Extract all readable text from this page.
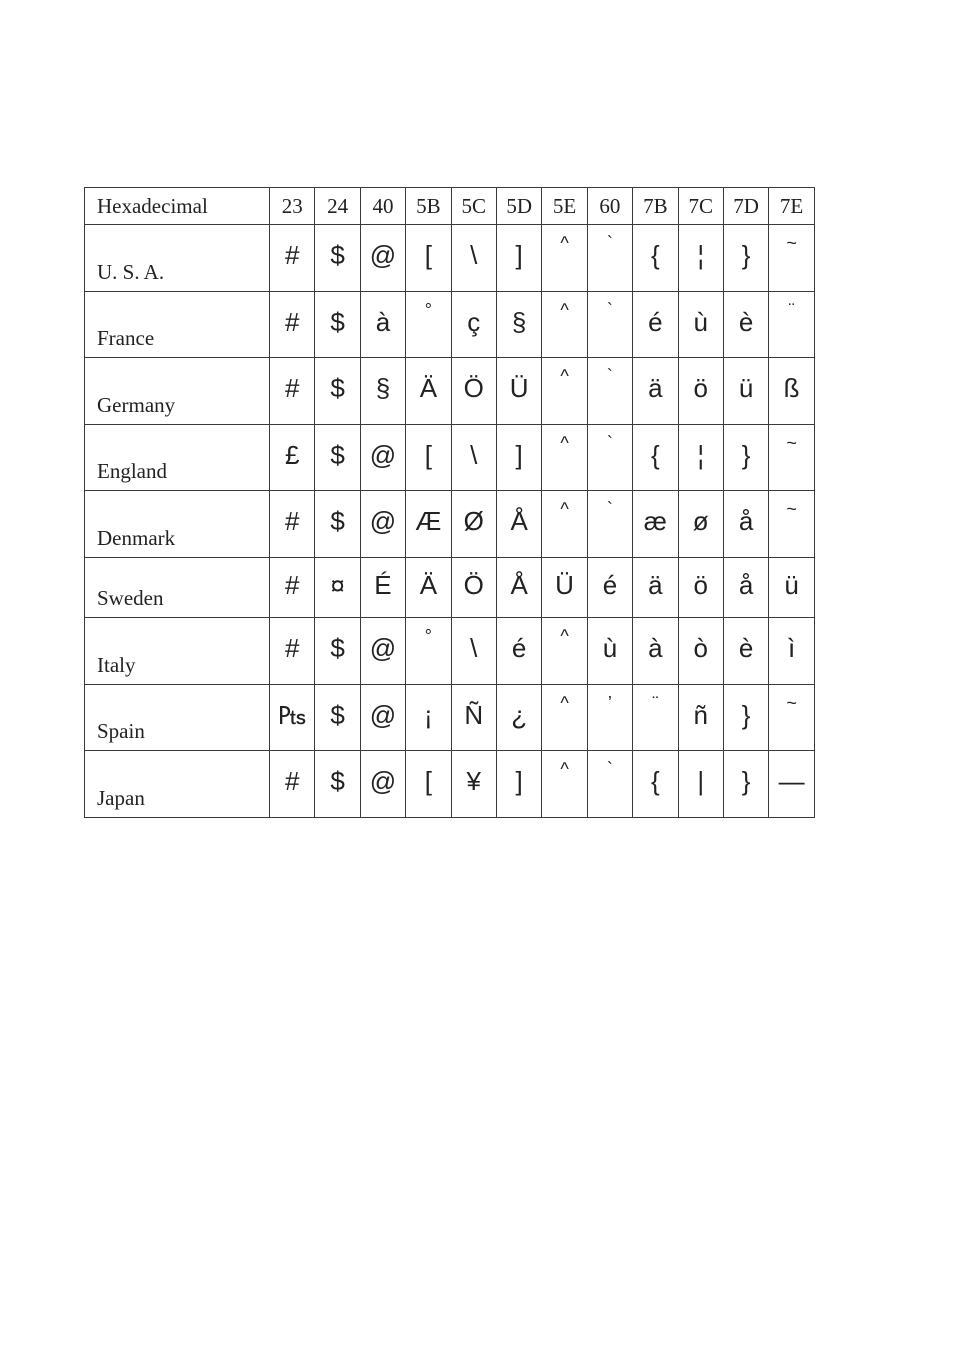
Hexadecimal	23	24	40	5B	5C	5D	5E	60	7B	7C	7D	7E
U. S. A.	#	$	@	[	\	]	^	`	{	¦	}	~
France	#	$	à	°	ç	§	^	`	é	ù	è	¨
Germany	#	$	§	Ä	Ö	Ü	^	`	ä	ö	ü	ß
England	£	$	@	[	\	]	^	`	{	¦	}	~
Denmark	#	$	@	Æ	Ø	Å	^	`	æ	ø	å	~
Sweden	#	¤	É	Ä	Ö	Å	Ü	é	ä	ö	å	ü
Italy	#	$	@	°	\	é	^	ù	à	ò	è	ì
Spain	₧	$	@	¡	Ñ	¿	^	’	¨	ñ	}	~
Japan	#	$	@	[	¥	]	^	`	{	|	}	—
